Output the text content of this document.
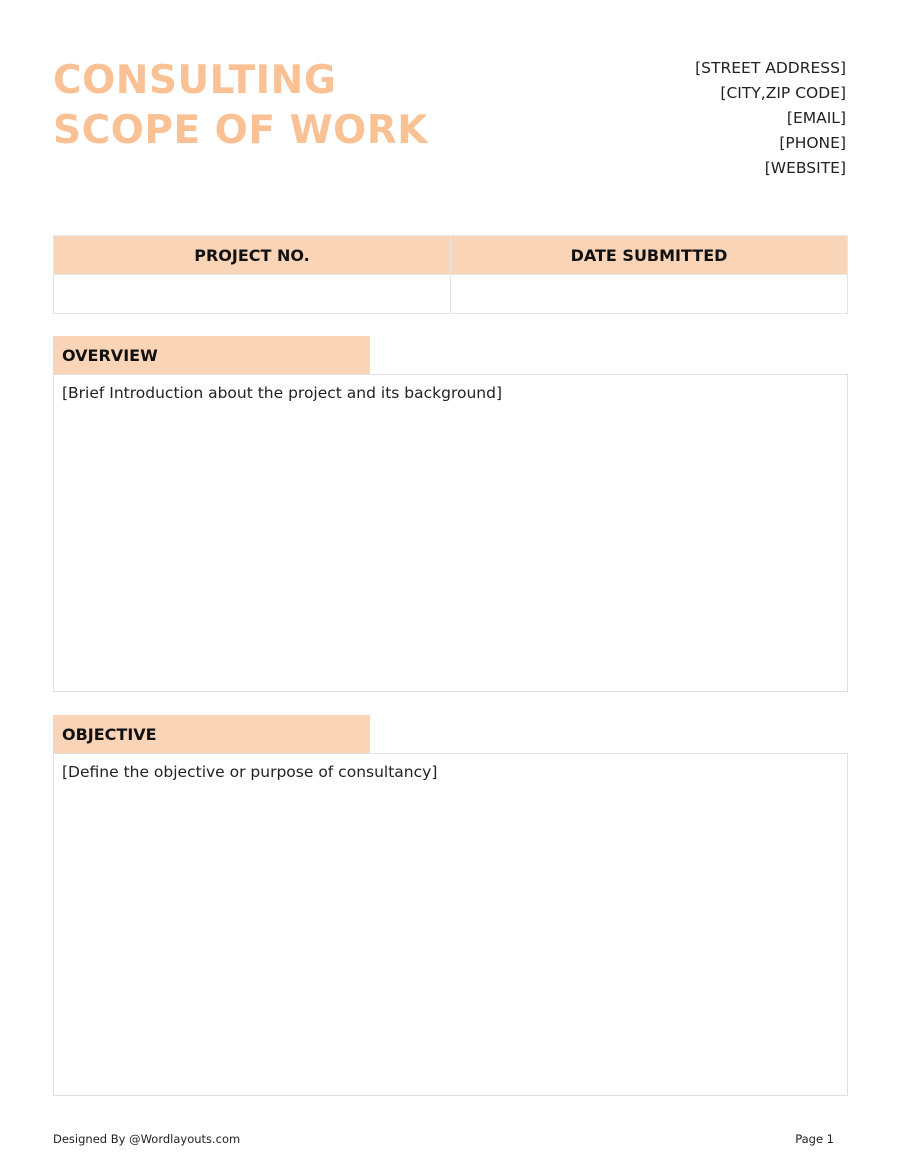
CONSULTING
SCOPE OF WORK
[STREET ADDRESS]
[CITY,ZIP CODE]
[EMAIL]
[PHONE]
[WEBSITE]
PROJECT NO.	DATE SUBMITTED

OVERVIEW
[Brief Introduction about the project and its background]
OBJECTIVE
[Define the objective or purpose of consultancy]
Designed By @Wordlayouts.com	Page 1
